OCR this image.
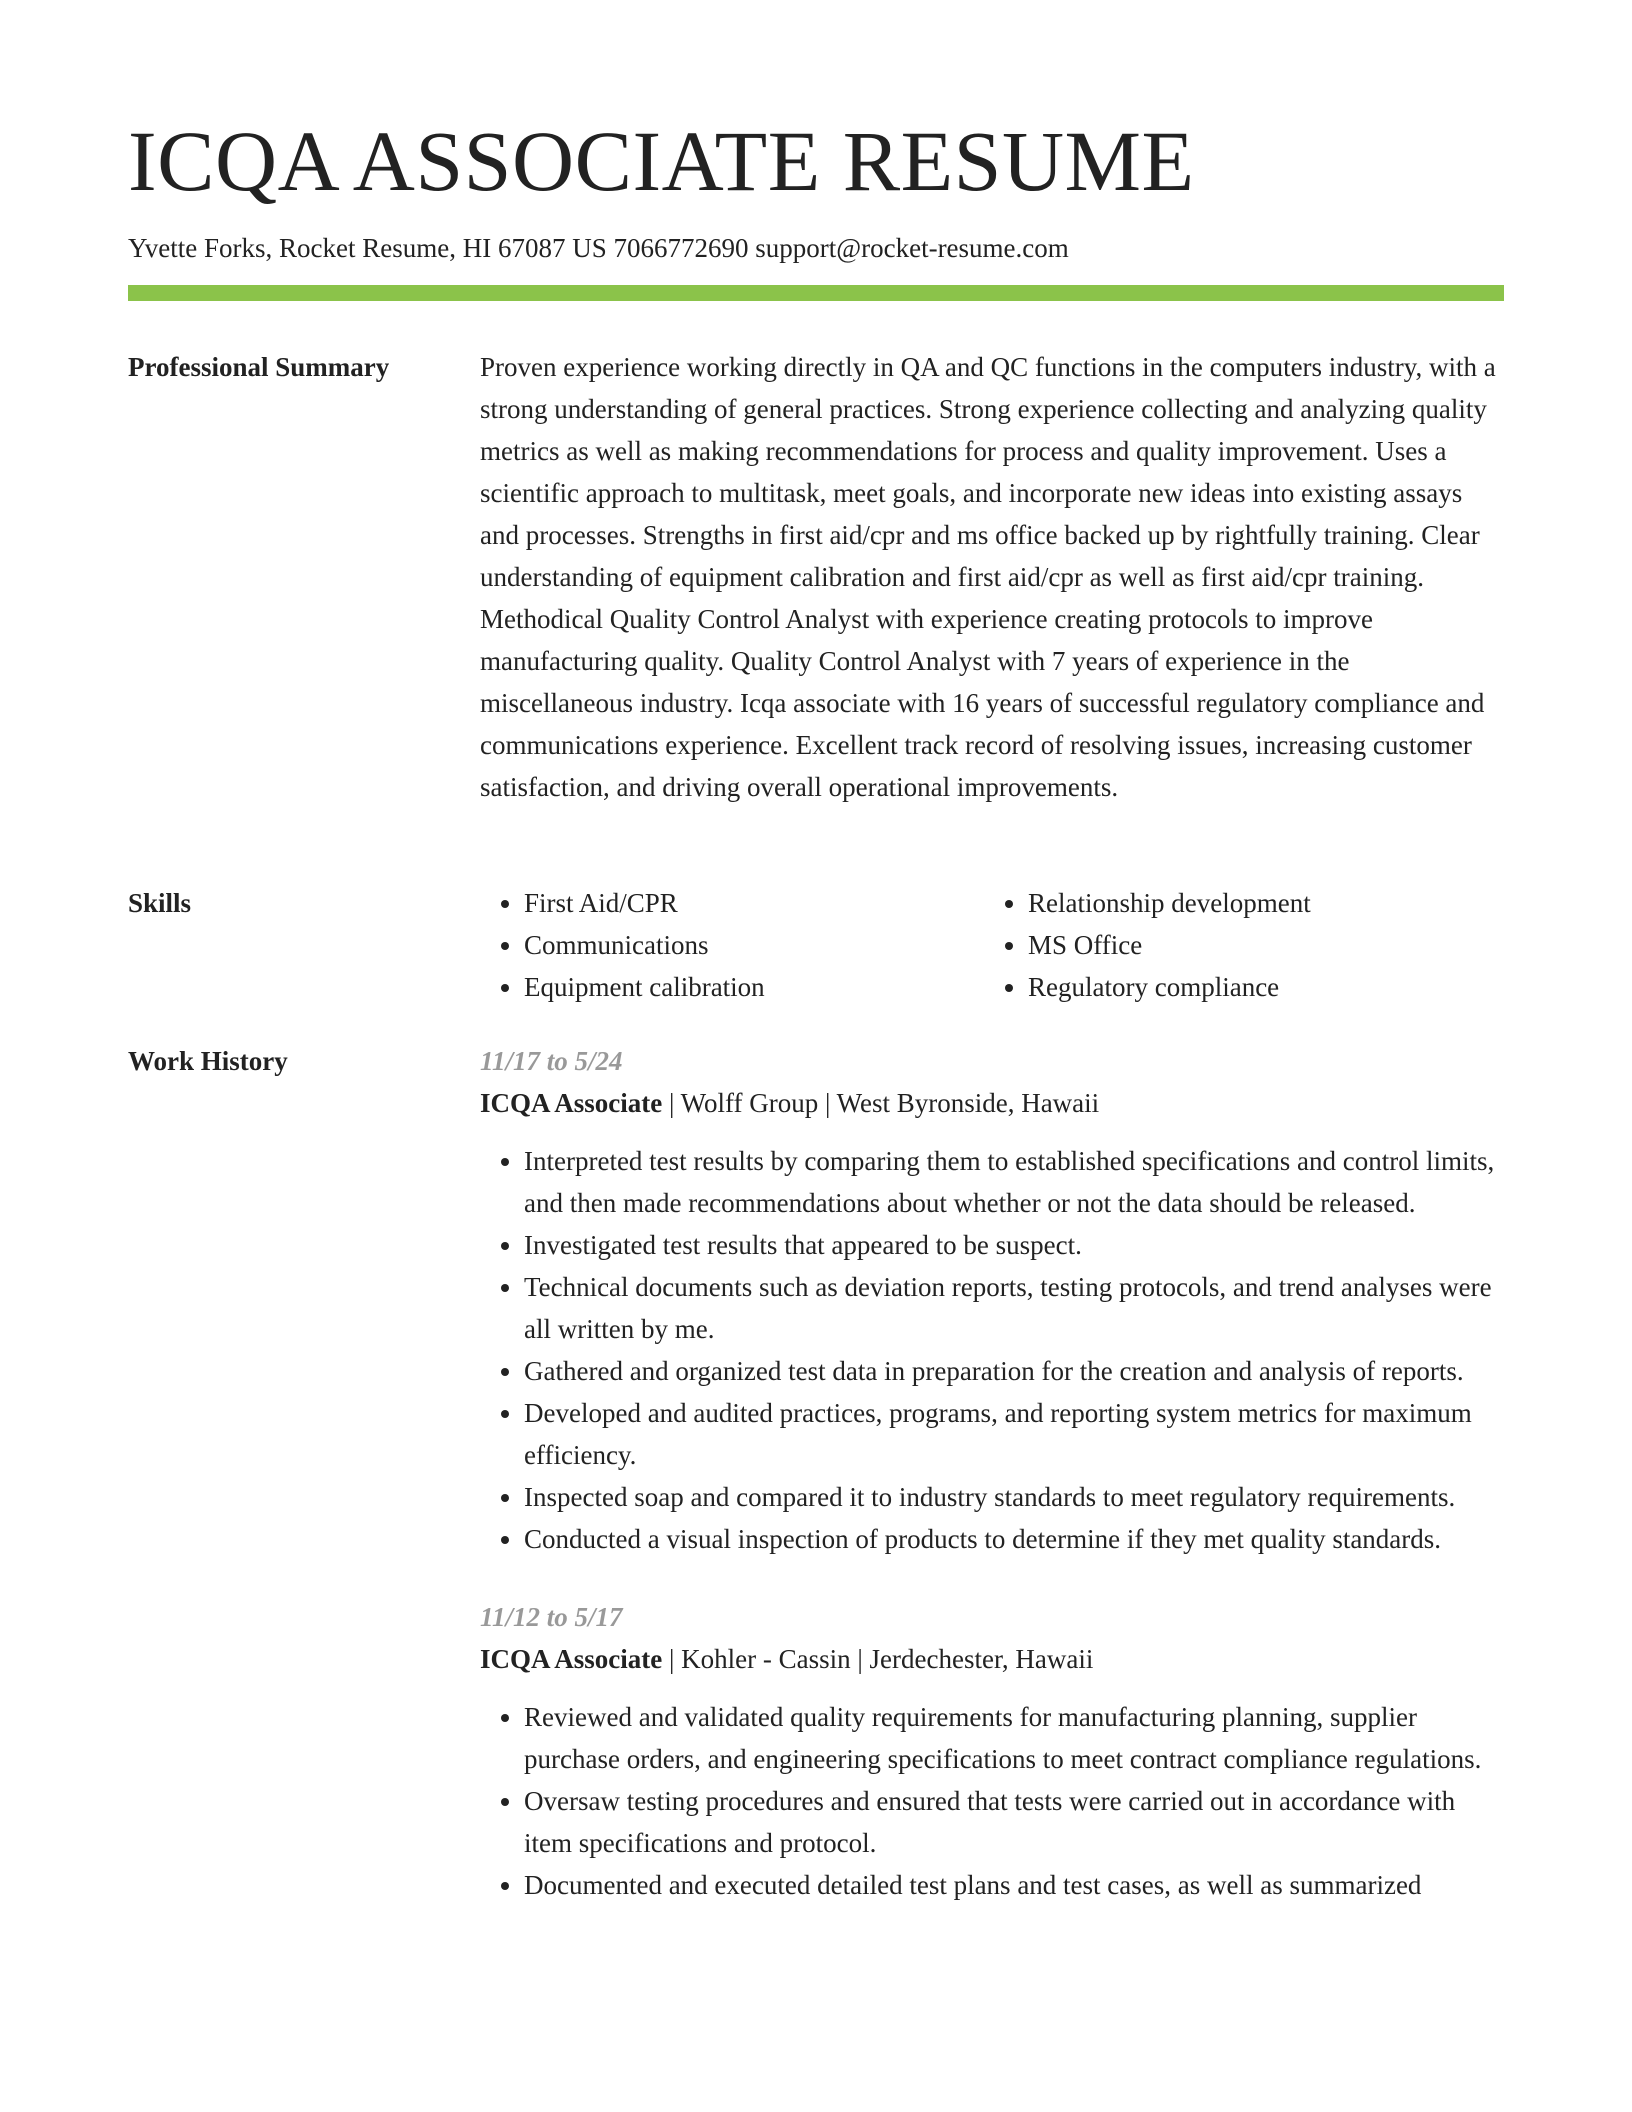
ICQA ASSOCIATE RESUME
Yvette Forks, Rocket Resume, HI 67087 US 7066772690 support@rocket-resume.com
Professional Summary	Proven experience working directly in QA and QC functions in the computers industry, with a strong understanding of general practices. Strong experience collecting and analyzing quality metrics as well as making recommendations for process and quality improvement. Uses a scientific approach to multitask, meet goals, and incorporate new ideas into existing assays and processes. Strengths in first aid/cpr and ms office backed up by rightfully training. Clear understanding of equipment calibration and first aid/cpr as well as first aid/cpr training. Methodical Quality Control Analyst with experience creating protocols to improve manufacturing quality. Quality Control Analyst with 7 years of experience in the miscellaneous industry. Icqa associate with 16 years of successful regulatory compliance and communications experience. Excellent track record of resolving issues, increasing customer satisfaction, and driving overall operational improvements.

Skills
•	First Aid/CPR
• Communications
• Equipment calibration
• Relationship development
• MS Office
• Regulatory compliance
Work History	11/17 to 5/24
ICQA Associate | Wolff Group | West Byronside, Hawaii
• Interpreted test results by comparing them to established specifications and control limits, and then made recommendations about whether or not the data should be released.
• Investigated test results that appeared to be suspect.
• Technical documents such as deviation reports, testing protocols, and trend analyses were all written by me.
• Gathered and organized test data in preparation for the creation and analysis of reports.
• Developed and audited practices, programs, and reporting system metrics for maximum efficiency.
• Inspected soap and compared it to industry standards to meet regulatory requirements.
• Conducted a visual inspection of products to determine if they met quality standards.
11/12 to 5/17
ICQA Associate | Kohler - Cassin | Jerdechester, Hawaii
• Reviewed and validated quality requirements for manufacturing planning, supplier purchase orders, and engineering specifications to meet contract compliance regulations.
• Oversaw testing procedures and ensured that tests were carried out in accordance with item specifications and protocol.
• Documented and executed detailed test plans and test cases, as well as summarized
